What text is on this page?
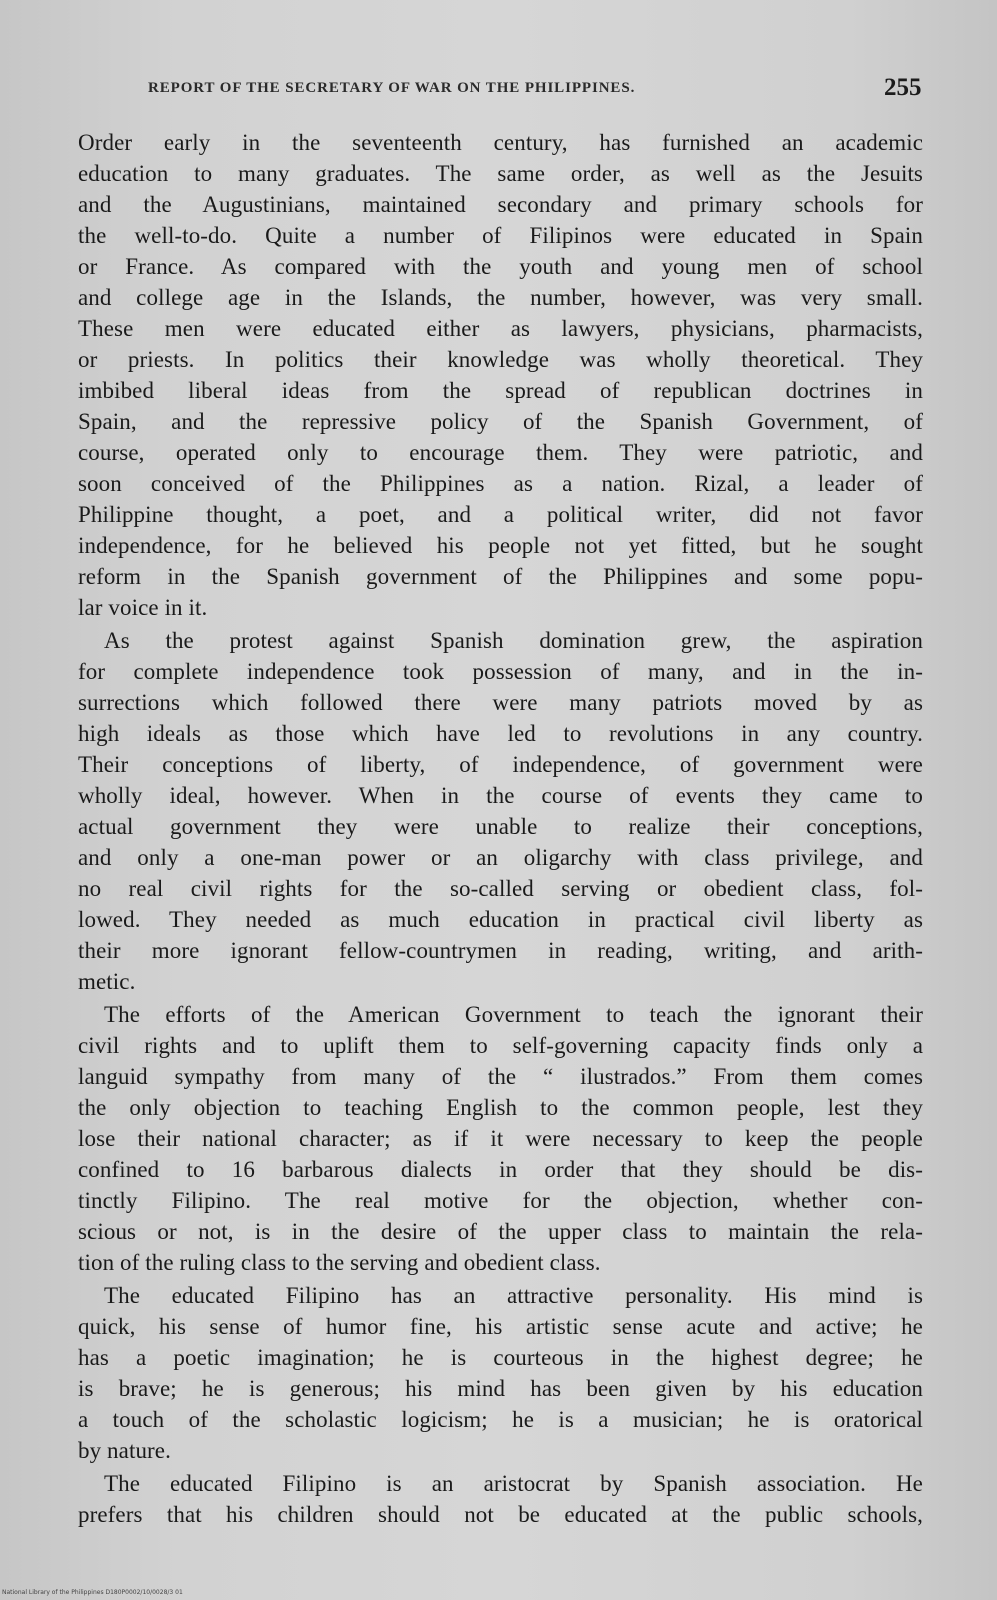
REPORT OF THE SECRETARY OF WAR ON THE PHILIPPINES.	255
Order early in the seventeenth century, has furnished an academic
education to many graduates. The same order, as well as the Jesuits
and the Augustinians, maintained secondary and primary schools for
the well-to-do. Quite a number of Filipinos were educated in Spain
or France. As compared with the youth and young men of school
and college age in the Islands, the number, however, was very small.
These men were educated either as lawyers, physicians, pharmacists,
or priests. In politics their knowledge was wholly theoretical. They
imbibed liberal ideas from the spread of republican doctrines in
Spain, and the repressive policy of the Spanish Government, of
course, operated only to encourage them. They were patriotic, and
soon conceived of the Philippines as a nation. Rizal, a leader of
Philippine thought, a poet, and a political writer, did not favor
independence, for he believed his people not yet fitted, but he sought
reform in the Spanish government of the Philippines and some popu-
lar voice in it.
As the protest against Spanish domination grew, the aspiration
for complete independence took possession of many, and in the in-
surrections which followed there were many patriots moved by as
high ideals as those which have led to revolutions in any country.
Their conceptions of liberty, of independence, of government were
wholly ideal, however. When in the course of events they came to
actual government they were unable to realize their conceptions,
and only a one-man power or an oligarchy with class privilege, and
no real civil rights for the so-called serving or obedient class, fol-
lowed. They needed as much education in practical civil liberty as
their more ignorant fellow-countrymen in reading, writing, and arith-
metic.
The efforts of the American Government to teach the ignorant their
civil rights and to uplift them to self-governing capacity finds only a
languid sympathy from many of the “ ilustrados.” From them comes
the only objection to teaching English to the common people, lest they
lose their national character; as if it were necessary to keep the people
confined to 16 barbarous dialects in order that they should be dis-
tinctly Filipino. The real motive for the objection, whether con-
scious or not, is in the desire of the upper class to maintain the rela-
tion of the ruling class to the serving and obedient class.
The educated Filipino has an attractive personality. His mind is
quick, his sense of humor fine, his artistic sense acute and active; he
has a poetic imagination; he is courteous in the highest degree; he
is brave; he is generous; his mind has been given by his education
a touch of the scholastic logicism; he is a musician; he is oratorical
by nature.
The educated Filipino is an aristocrat by Spanish association. He
prefers that his children should not be educated at the public schools,
National Library of the Philippines D180P0002/10/0028/3 01
